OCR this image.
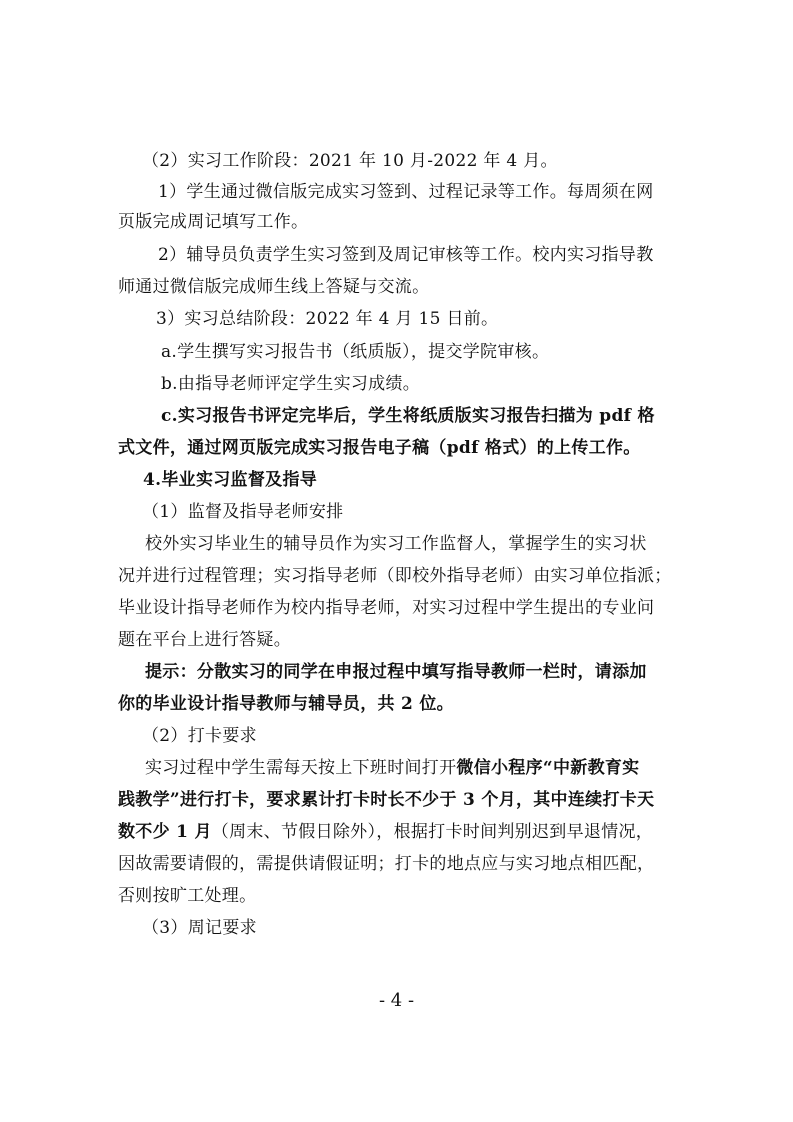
（2）实习工作阶段：2021 年 10 月-2022 年 4 月。
1）学生通过微信版完成实习签到、过程记录等工作。每周须在网
页版完成周记填写工作。
2）辅导员负责学生实习签到及周记审核等工作。校内实习指导教
师通过微信版完成师生线上答疑与交流。
3）实习总结阶段：2022 年 4 月 15 日前。
a.学生撰写实习报告书（纸质版），提交学院审核。
b.由指导老师评定学生实习成绩。
c.实习报告书评定完毕后，学生将纸质版实习报告扫描为 pdf 格
式文件，通过网页版完成实习报告电子稿（pdf 格式）的上传工作。
4.毕业实习监督及指导
（1）监督及指导老师安排
校外实习毕业生的辅导员作为实习工作监督人，掌握学生的实习状
况并进行过程管理；实习指导老师（即校外指导老师）由实习单位指派；
毕业设计指导老师作为校内指导老师，对实习过程中学生提出的专业问
题在平台上进行答疑。
提示：分散实习的同学在申报过程中填写指导教师一栏时，请添加
你的毕业设计指导教师与辅导员，共 2 位。
（2）打卡要求
实习过程中学生需每天按上下班时间打开微信小程序“中新教育实
践教学”进行打卡，要求累计打卡时长不少于 3 个月，其中连续打卡天
数不少 1 月（周末、节假日除外），根据打卡时间判别迟到早退情况，
因故需要请假的，需提供请假证明；打卡的地点应与实习地点相匹配，
否则按旷工处理。
（3）周记要求
- 4 -
